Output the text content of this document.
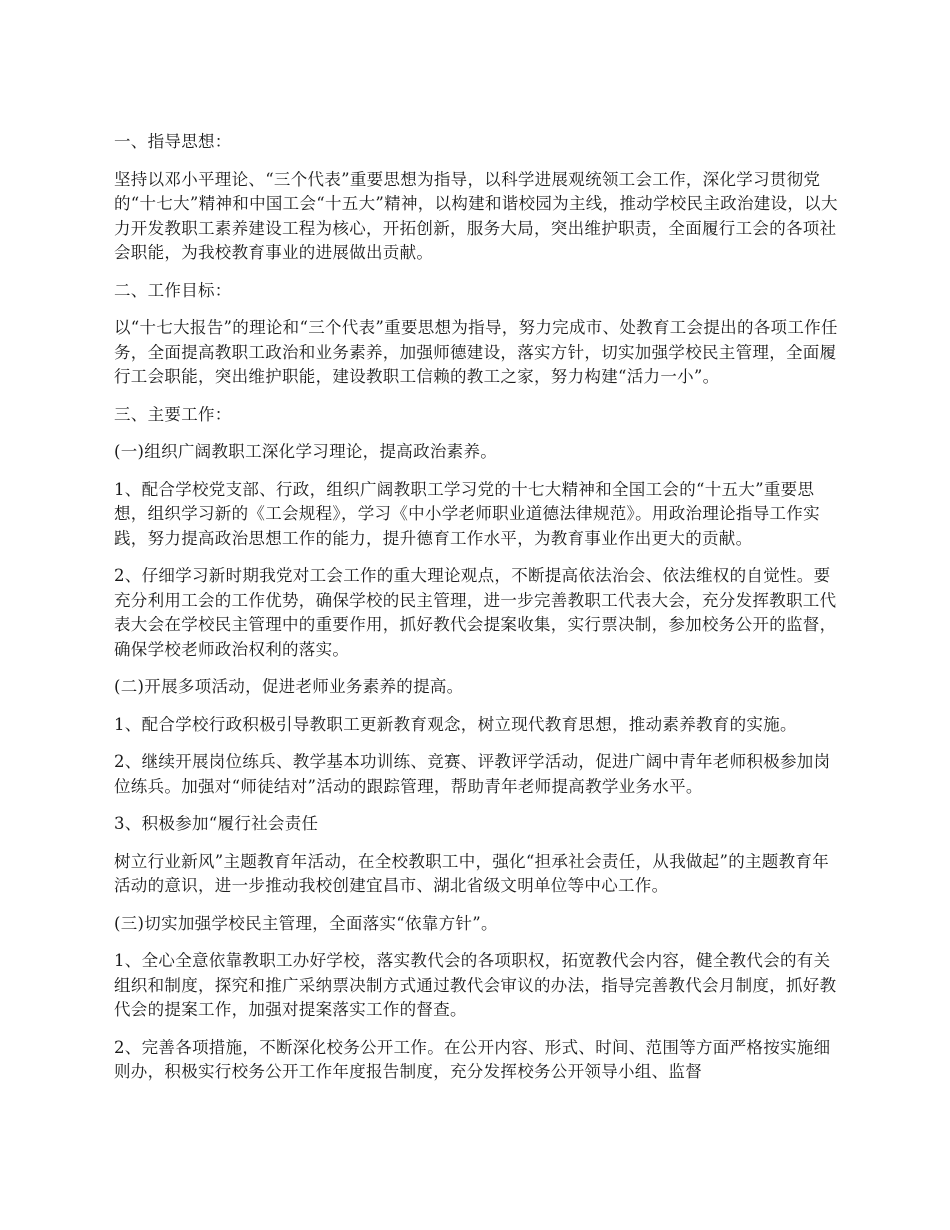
一、指导思想：

坚持以邓小平理论、“三个代表”重要思想为指导，以科学进展观统领工会工作，深化学习贯彻党的“十七大”精神和中国工会“十五大”精神，以构建和谐校园为主线，推动学校民主政治建设，以大力开发教职工素养建设工程为核心，开拓创新，服务大局，突出维护职责，全面履行工会的各项社会职能，为我校教育事业的进展做出贡献。

二、工作目标：

以“十七大报告”的理论和“三个代表”重要思想为指导，努力完成市、处教育工会提出的各项工作任务，全面提高教职工政治和业务素养，加强师德建设，落实方针，切实加强学校民主管理，全面履行工会职能，突出维护职能，建设教职工信赖的教工之家，努力构建“活力一小”。

三、主要工作：

(一)组织广阔教职工深化学习理论，提高政治素养。

1、配合学校党支部、行政，组织广阔教职工学习党的十七大精神和全国工会的“十五大”重要思想，组织学习新的《工会规程》，学习《中小学老师职业道德法律规范》。用政治理论指导工作实践，努力提高政治思想工作的能力，提升德育工作水平，为教育事业作出更大的贡献。

2、仔细学习新时期我党对工会工作的重大理论观点，不断提高依法治会、依法维权的自觉性。要充分利用工会的工作优势，确保学校的民主管理，进一步完善教职工代表大会，充分发挥教职工代表大会在学校民主管理中的重要作用，抓好教代会提案收集，实行票决制，参加校务公开的监督，确保学校老师政治权利的落实。

(二)开展多项活动，促进老师业务素养的提高。

1、配合学校行政积极引导教职工更新教育观念，树立现代教育思想，推动素养教育的实施。

2、继续开展岗位练兵、教学基本功训练、竞赛、评教评学活动，促进广阔中青年老师积极参加岗位练兵。加强对“师徒结对”活动的跟踪管理，帮助青年老师提高教学业务水平。

3、积极参加“履行社会责任

树立行业新风”主题教育年活动，在全校教职工中，强化“担承社会责任，从我做起”的主题教育年活动的意识，进一步推动我校创建宜昌市、湖北省级文明单位等中心工作。

(三)切实加强学校民主管理，全面落实“依靠方针”。

1、全心全意依靠教职工办好学校，落实教代会的各项职权，拓宽教代会内容，健全教代会的有关组织和制度，探究和推广采纳票决制方式通过教代会审议的办法，指导完善教代会月制度，抓好教代会的提案工作，加强对提案落实工作的督查。

2、完善各项措施，不断深化校务公开工作。在公开内容、形式、时间、范围等方面严格按实施细则办，积极实行校务公开工作年度报告制度，充分发挥校务公开领导小组、监督
